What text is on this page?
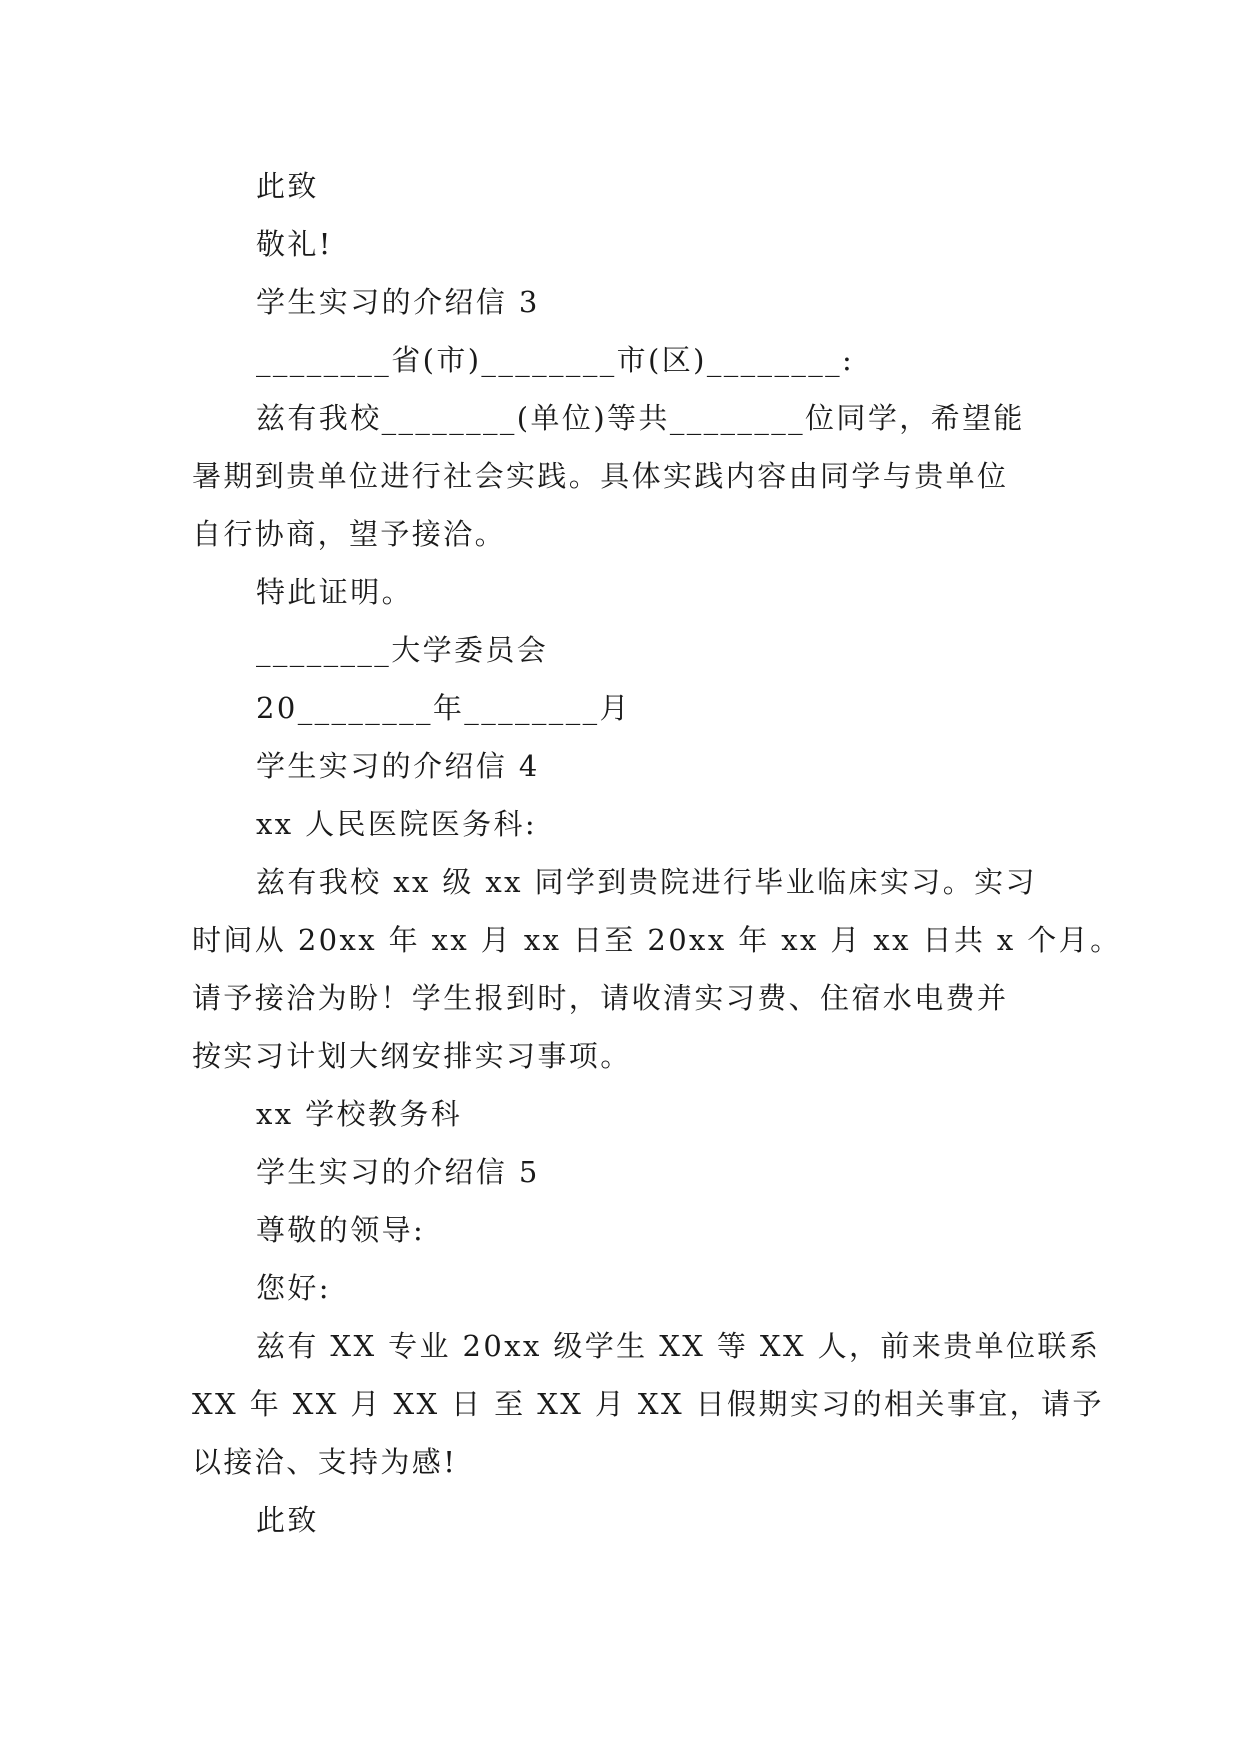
此致
敬礼!
学生实习的介绍信 3
________省(市)________市(区)________:
兹有我校________(单位)等共________位同学，希望能
暑期到贵单位进行社会实践。具体实践内容由同学与贵单位
自行协商，望予接洽。
特此证明。
________大学委员会
20________年________月
学生实习的介绍信 4
xx 人民医院医务科:
兹有我校 xx 级 xx 同学到贵院进行毕业临床实习。实习
时间从 20xx 年 xx 月 xx 日至 20xx 年 xx 月 xx 日共 x 个月。
请予接洽为盼！学生报到时，请收清实习费、住宿水电费并
按实习计划大纲安排实习事项。
xx 学校教务科
学生实习的介绍信 5
尊敬的领导:
您好:
兹有 XX 专业 20xx 级学生 XX 等 XX 人，前来贵单位联系
XX 年 XX 月 XX 日 至 XX 月 XX 日假期实习的相关事宜，请予
以接洽、支持为感!
此致
